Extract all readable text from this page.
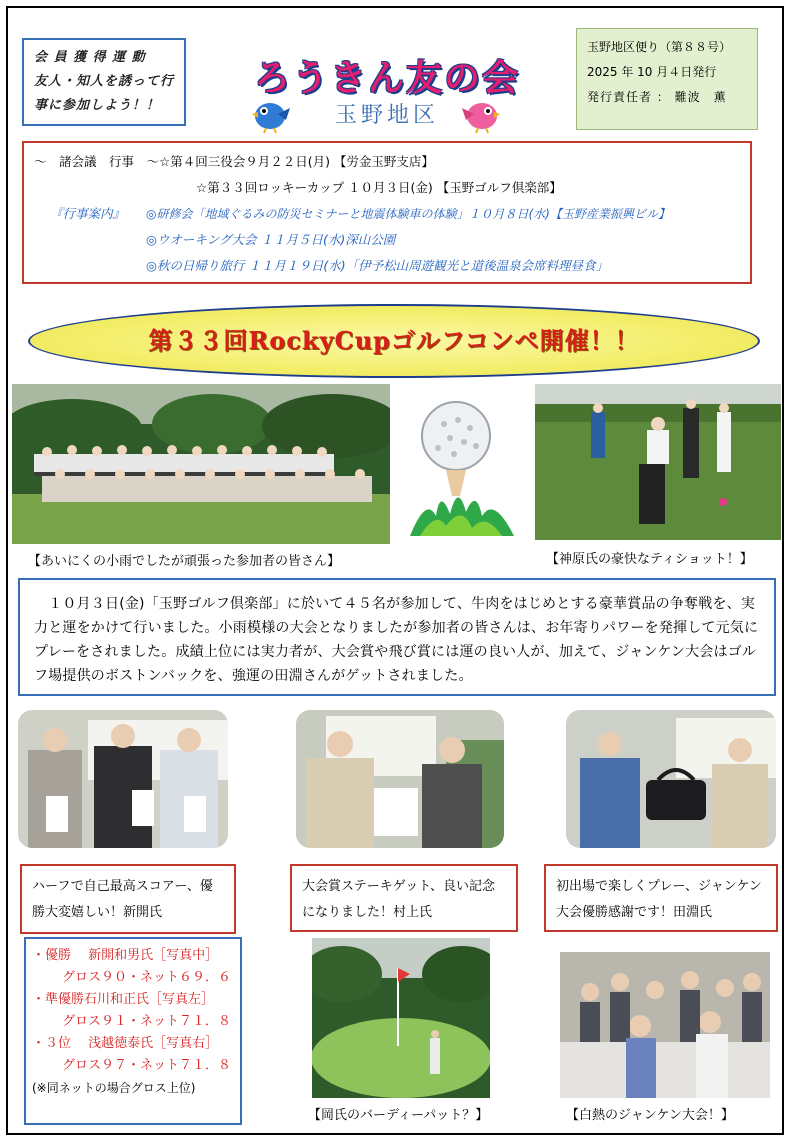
会 員 獲 得 運 動
友人・知人を誘って行
事に参加しよう！！
ろうきん友の会
玉野地区
玉野地区便り（第８８号）
2025 年 10 月４日発行
発行責任者 ： 難波　薫
～　諸会議　行事　～☆第４回三役会９月２２日(月) 【労金玉野支店】
☆第３３回ロッキーカップ １０月３日(金) 【玉野ゴルフ倶楽部】
『行事案内』 ◎研修会「地域ぐるみの防災セミナーと地震体験車の体験」１０月８日(水)【玉野産業振興ビル】
◎ウオーキング大会 １１月５日(水)深山公園
◎秋の日帰り旅行 １１月１９日(水)「伊予松山周遊観光と道後温泉会席料理昼食」
第３３回RockyCupゴルフコンペ開催！！
【あいにくの小雨でしたが頑張った参加者の皆さん】	【神原氏の豪快なティショット！】
　１０月３日(金)「玉野ゴルフ倶楽部」に於いて４５名が参加して、牛肉をはじめとする豪華賞品の争奪戦を、実力と運をかけて行いました。小雨模様の大会となりましたが参加者の皆さんは、お年寄りパワーを発揮して元気にプレーをされました。成績上位には実力者が、大会賞や飛び賞には運の良い人が、加えて、ジャンケン大会はゴルフ場提供のボストンバックを、強運の田淵さんがゲットされました。
ハーフで自己最高スコアー、優勝大変嬉しい！新開氏
大会賞ステーキゲット、良い記念になりました！村上氏
初出場で楽しくプレー、ジャンケン大会優勝感謝です！田淵氏
・優勝　 新開和男氏［写真中］
グロス９０・ネット６９．６
・準優勝石川和正氏［写真左］
グロス９１・ネット７１．８
・３位　 浅越徳泰氏［写真右］
グロス９７・ネット７１．８
(※同ネットの場合グロス上位)
【岡氏のバーディーパット？】	【白熱のジャンケン大会！】
